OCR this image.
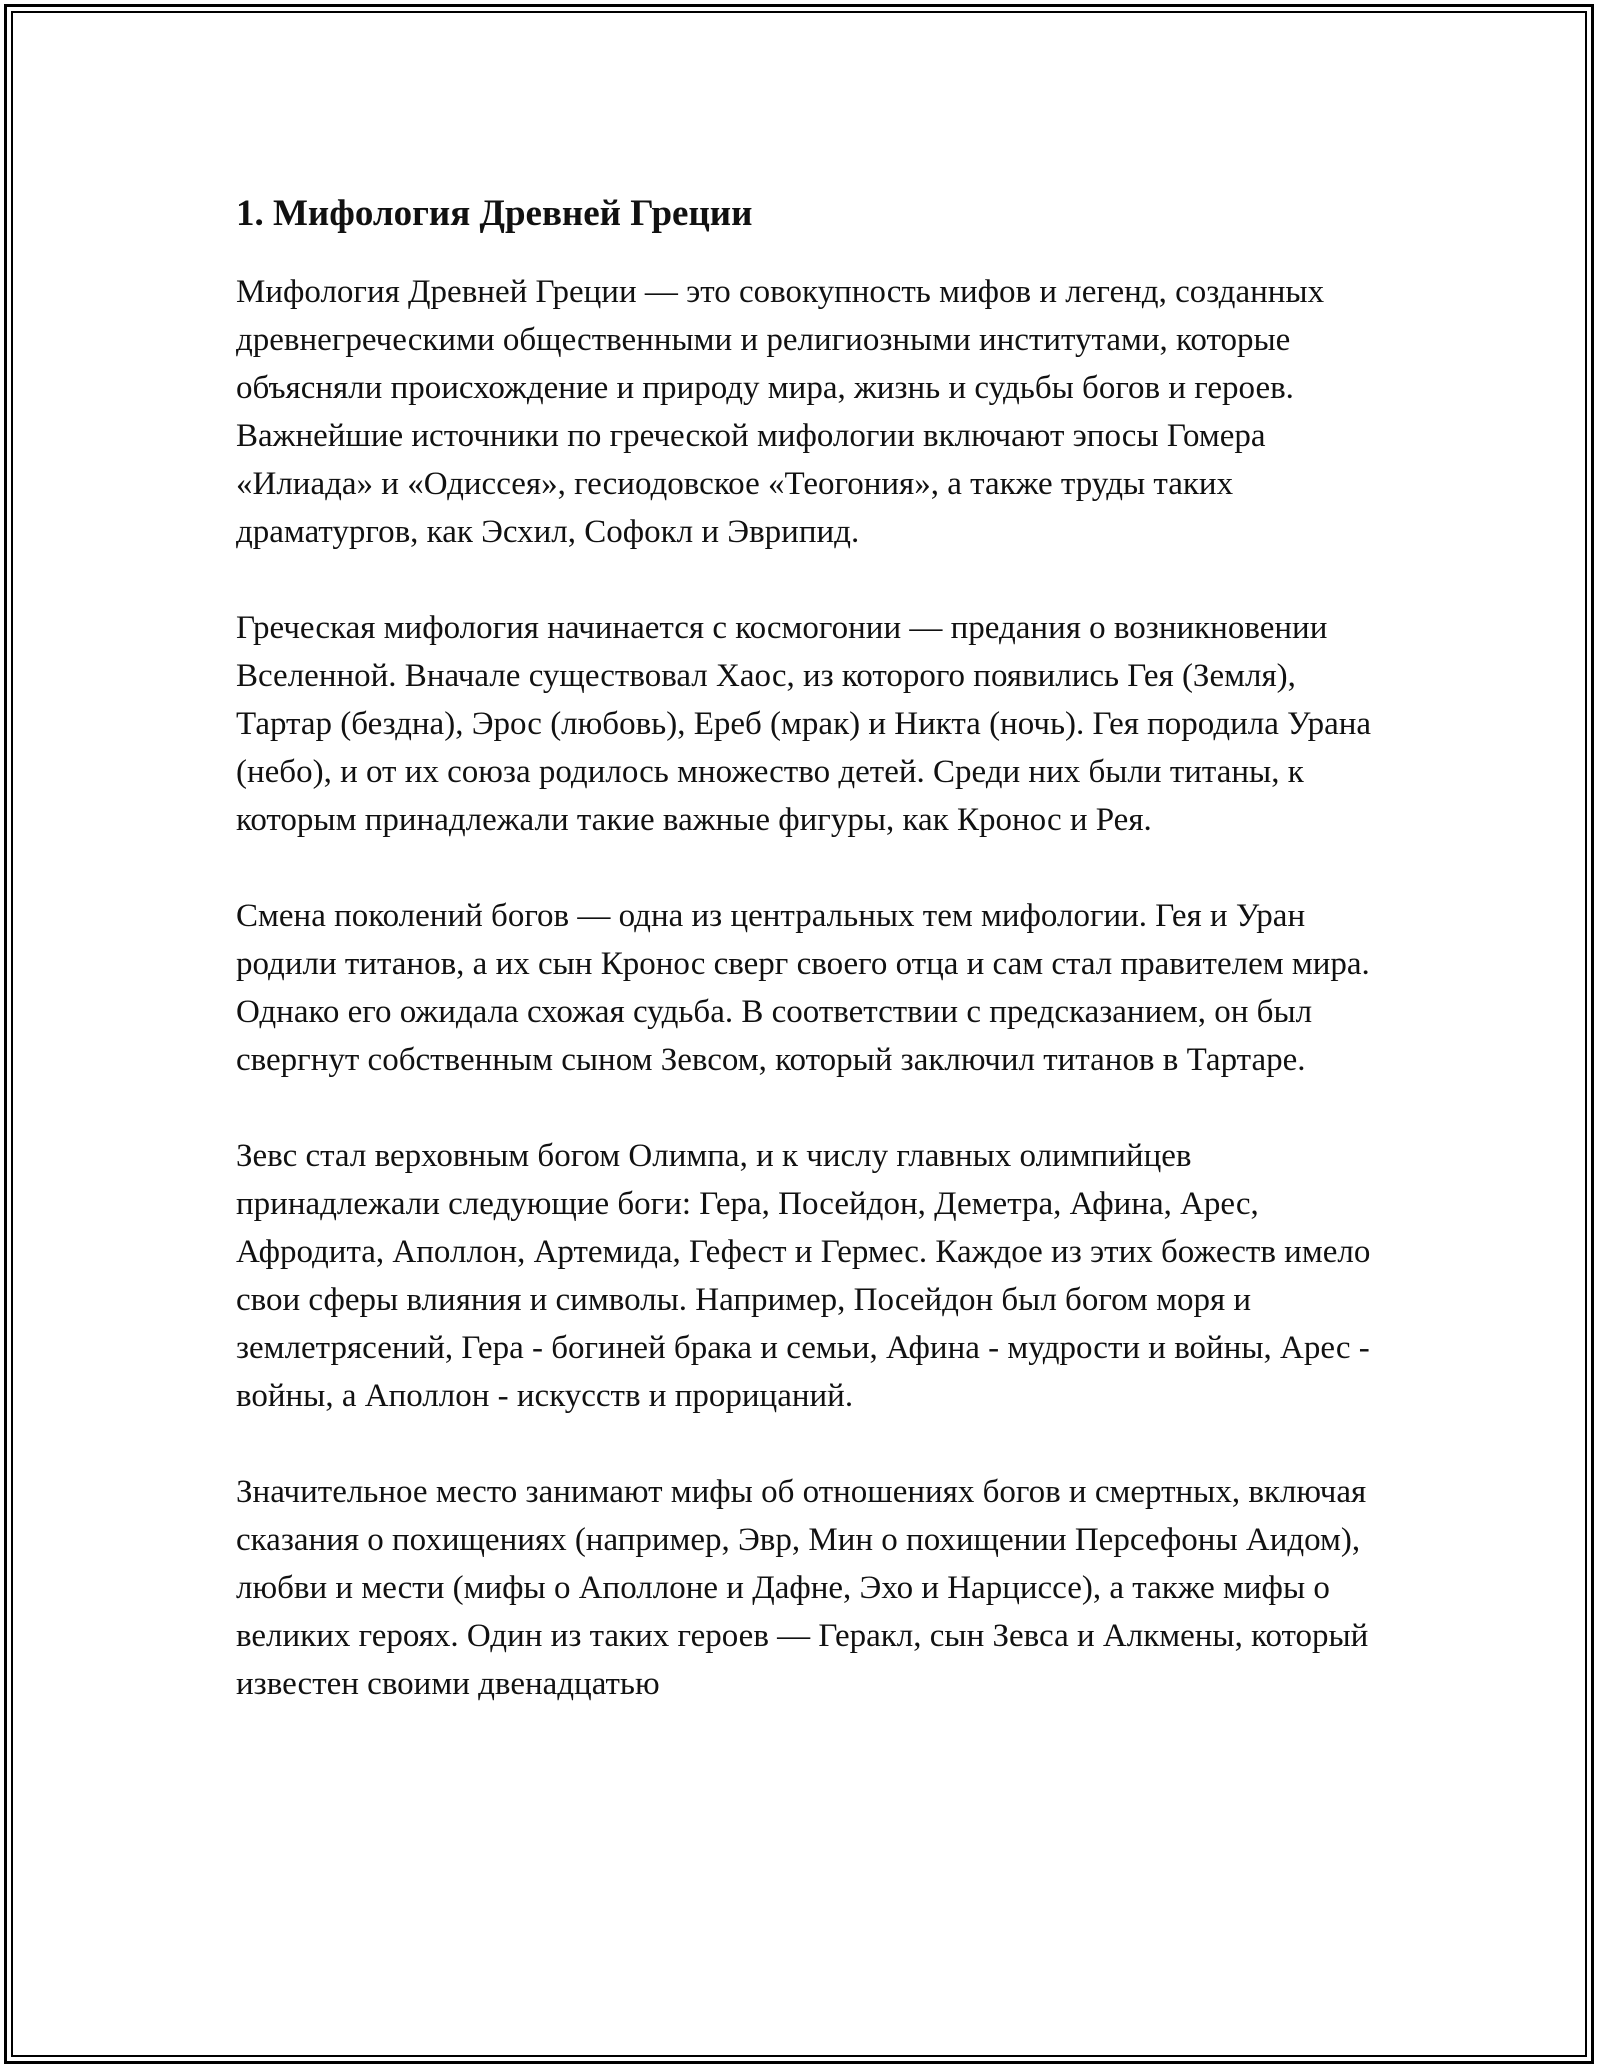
1. Мифология Древней Греции

Мифология Древней Греции — это совокупность мифов и легенд, созданных древнегреческими общественными и религиозными институтами, которые объясняли происхождение и природу мира, жизнь и судьбы богов и героев. Важнейшие источники по греческой мифологии включают эпосы Гомера «Илиада» и «Одиссея», гесиодовское «Теогония», а также труды таких драматургов, как Эсхил, Софокл и Эврипид.

Греческая мифология начинается с космогонии — предания о возникновении Вселенной. Вначале существовал Хаос, из которого появились Гея (Земля), Тартар (бездна), Эрос (любовь), Ереб (мрак) и Никта (ночь). Гея породила Урана (небо), и от их союза родилось множество детей. Среди них были титаны, к которым принадлежали такие важные фигуры, как Кронос и Рея.

Смена поколений богов — одна из центральных тем мифологии. Гея и Уран родили титанов, а их сын Кронос сверг своего отца и сам стал правителем мира. Однако его ожидала схожая судьба. В соответствии с предсказанием, он был свергнут собственным сыном Зевсом, который заключил титанов в Тартаре.

Зевс стал верховным богом Олимпа, и к числу главных олимпийцев принадлежали следующие боги: Гера, Посейдон, Деметра, Афина, Арес, Афродита, Аполлон, Артемида, Гефест и Гермес. Каждое из этих божеств имело свои сферы влияния и символы. Например, Посейдон был богом моря и землетрясений, Гера - богиней брака и семьи, Афина - мудрости и войны, Арес - войны, а Аполлон - искусств и прорицаний.

Значительное место занимают мифы об отношениях богов и смертных, включая сказания о похищениях (например, Эвр, Мин о похищении Персефоны Аидом), любви и мести (мифы о Аполлоне и Дафне, Эхо и Нарциссе), а также мифы о великих героях. Один из таких героев — Геракл, сын Зевса и Алкмены, который известен своими двенадцатью
